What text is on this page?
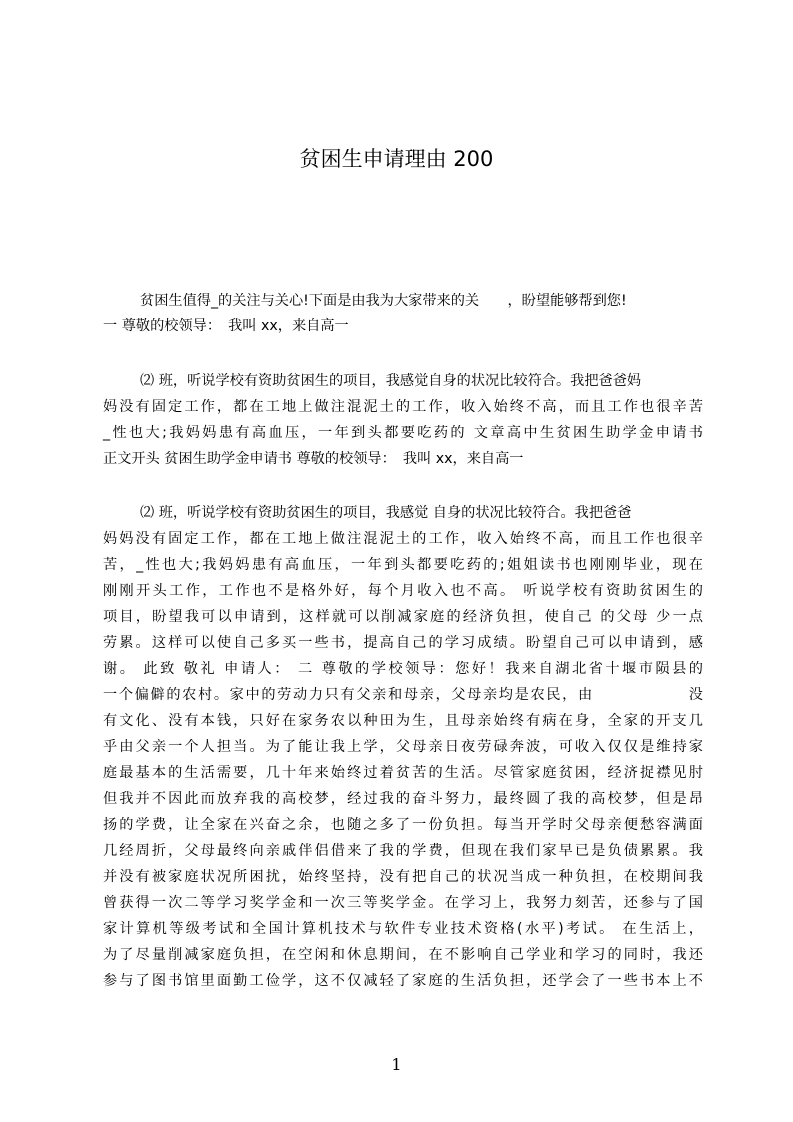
贫困生申请理由 200
贫困生值得_的关注与关心!下面是由我为大家带来的关　　，盼望能够帮到您!
一 尊敬的校领导：　我叫 xx，来自高一
⑵ 班，听说学校有资助贫困生的项目，我感觉自身的状况比较符合。我把爸爸妈
妈没有固定工作，都在工地上做注混泥土的工作，收入始终不高，而且工作也很辛苦
_性也大;我妈妈患有高血压，一年到头都要吃药的 文章高中生贫困生助学金申请书
正文开头 贫困生助学金申请书 尊敬的校领导：　我叫 xx，来自高一
⑵ 班，听说学校有资助贫困生的项目，我感觉 自身的状况比较符合。我把爸爸
妈妈没有固定工作，都在工地上做注混泥土的工作，收入始终不高，而且工作也很辛
苦，_性也大;我妈妈患有高血压，一年到头都要吃药的;姐姐读书也刚刚毕业，现在
刚刚开头工作，工作也不是格外好，每个月收入也不高。 听说学校有资助贫困生的
项目，盼望我可以申请到，这样就可以削减家庭的经济负担，使自己 的父母 少一点
劳累。这样可以使自己多买一些书，提高自己的学习成绩。盼望自己可以申请到，感
谢。 此致 敬礼 申请人： 二 尊敬的学校领导：您好！我来自湖北省十堰市陨县的
一个偏僻的农村。家中的劳动力只有父亲和母亲，父母亲均是农民，由　　　　　　没
有文化、没有本钱，只好在家务农以种田为生，且母亲始终有病在身，全家的开支几
乎由父亲一个人担当。为了能让我上学，父母亲日夜劳碌奔波，可收入仅仅是维持家
庭最基本的生活需要，几十年来始终过着贫苦的生活。尽管家庭贫困，经济捉襟见肘
但我并不因此而放弃我的高校梦，经过我的奋斗努力，最终圆了我的高校梦，但是昂
扬的学费，让全家在兴奋之余，也随之多了一份负担。每当开学时父母亲便愁容满面
几经周折，父母最终向亲戚伴侣借来了我的学费，但现在我们家早已是负债累累。我
并没有被家庭状况所困扰，始终坚持，没有把自己的状况当成一种负担，在校期间我
曾获得一次二等学习奖学金和一次三等奖学金。在学习上，我努力刻苦，还参与了国
家计算机等级考试和全国计算机技术与软件专业技术资格(水平)考试。 在生活上，
为了尽量削减家庭负担，在空闲和休息期间，在不影响自己学业和学习的同时，我还
参与了图书馆里面勤工俭学，这不仅减轻了家庭的生活负担，还学会了一些书本上不
1
